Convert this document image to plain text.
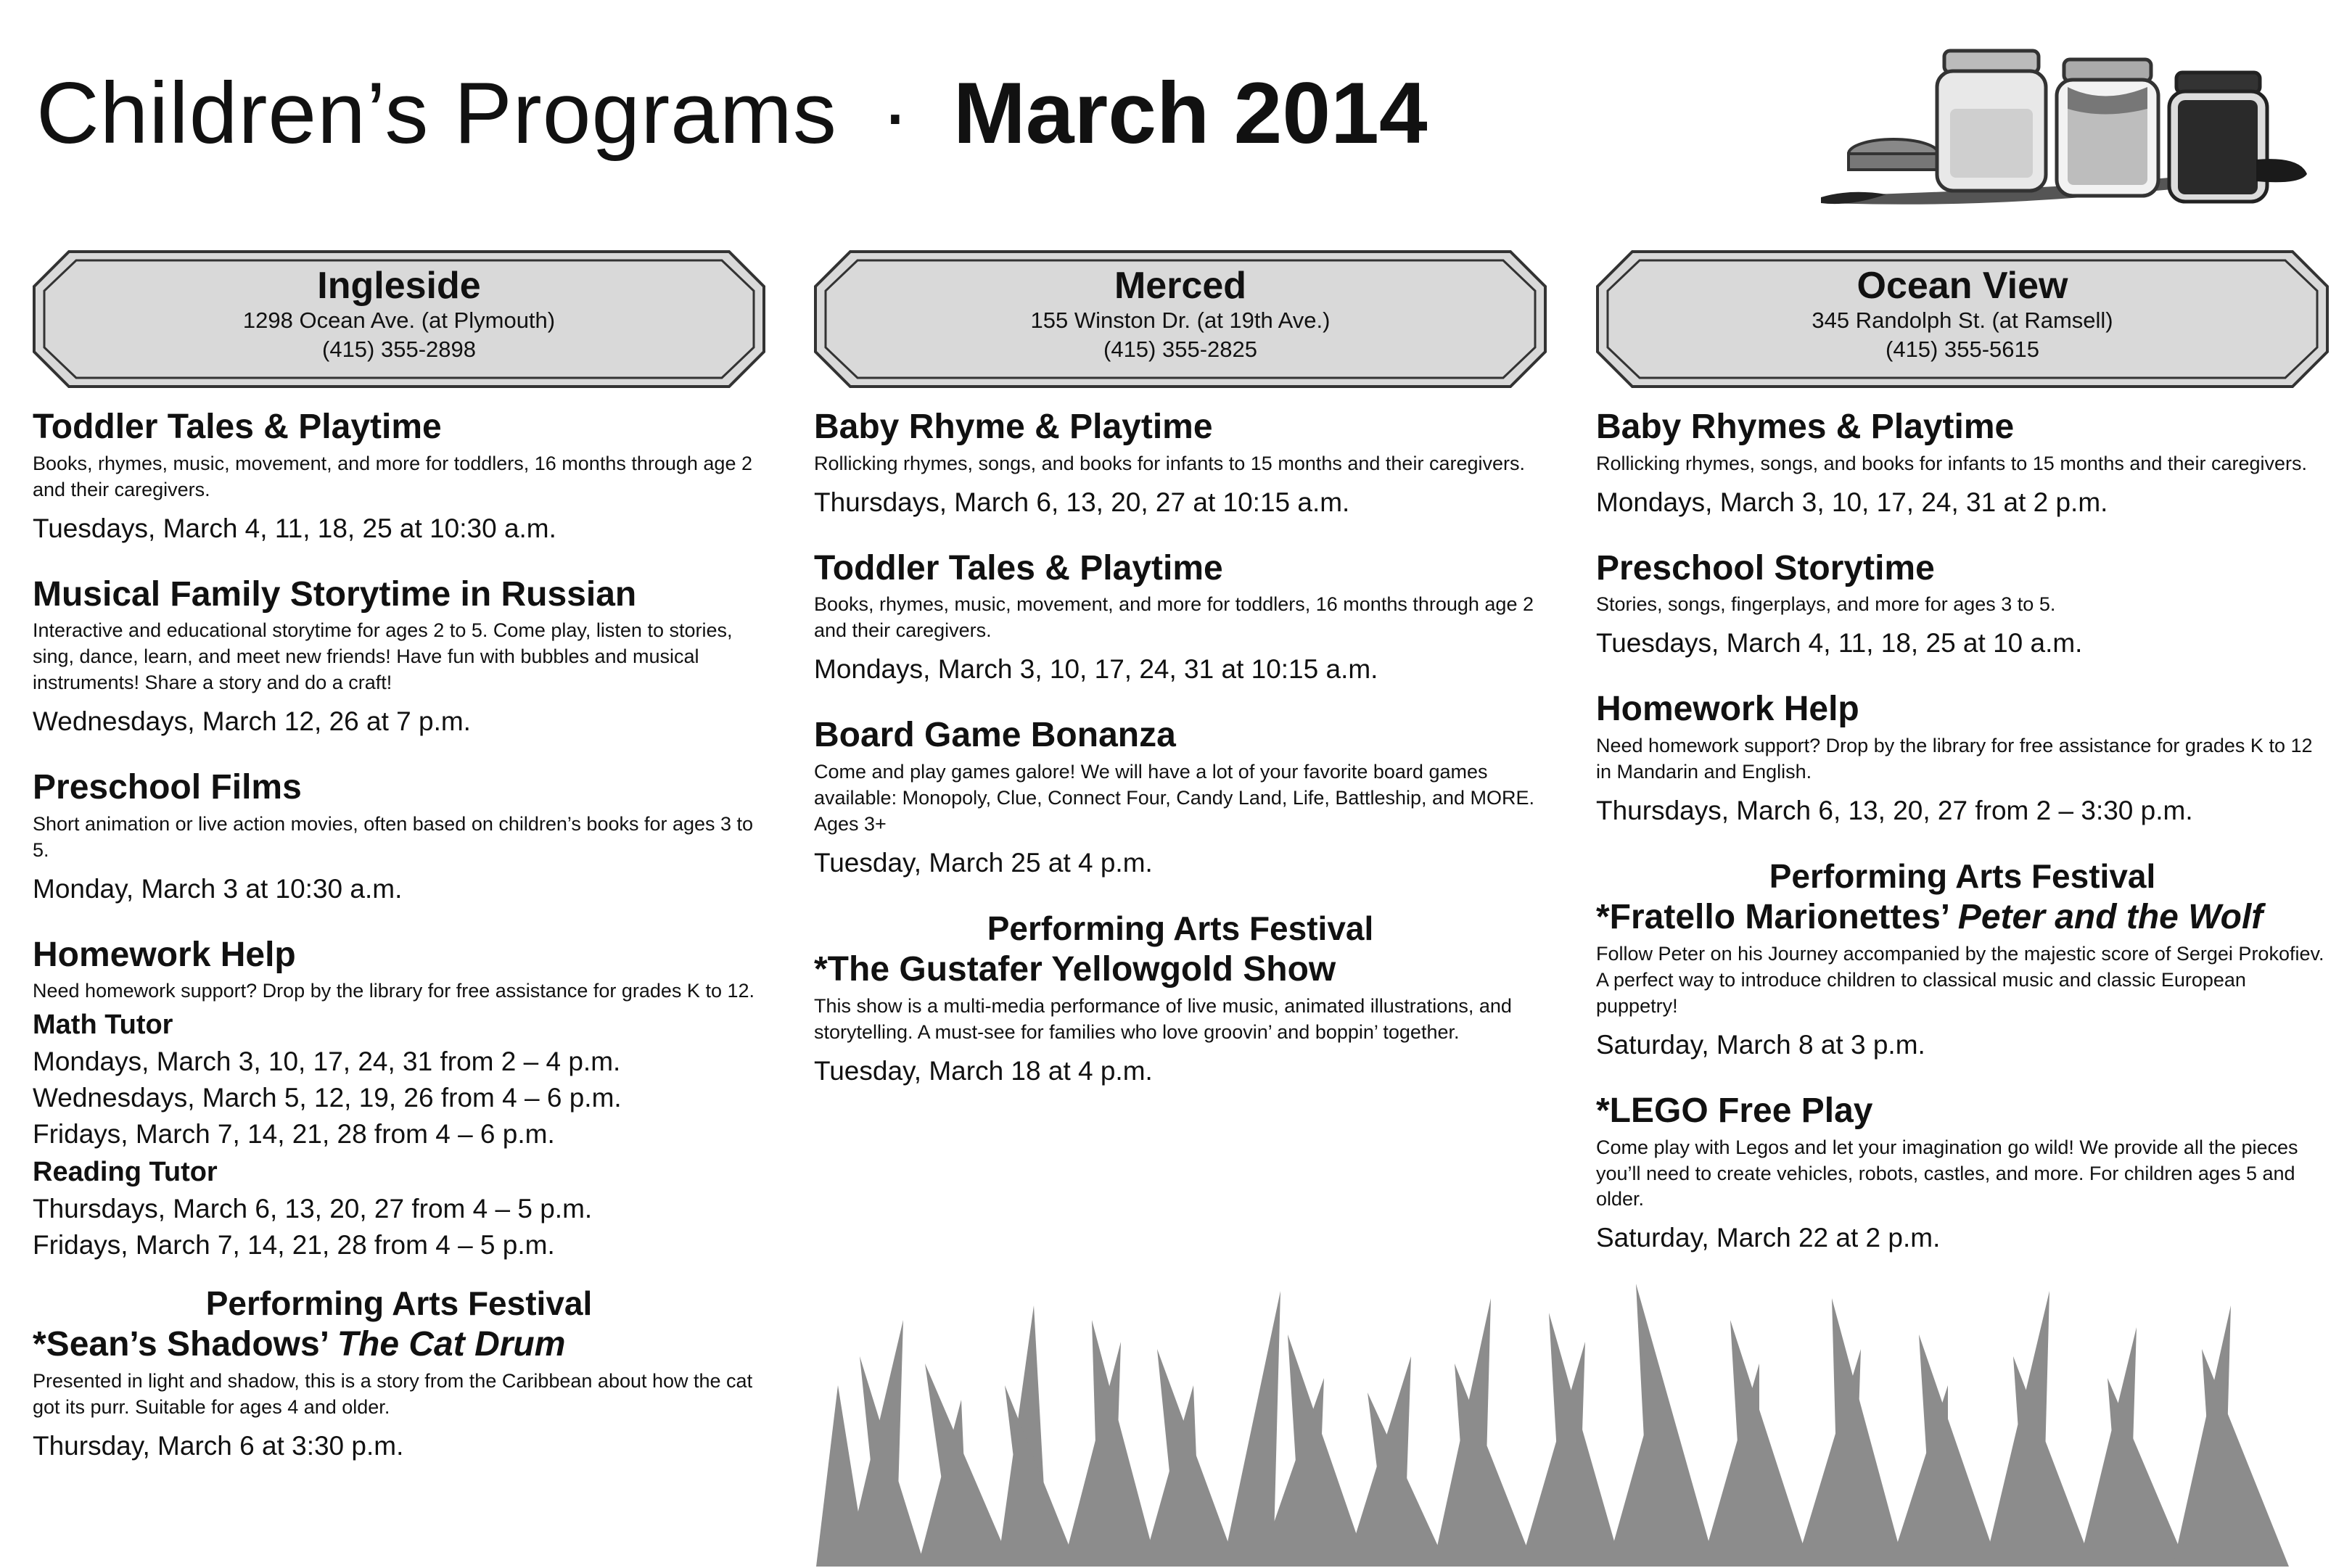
Children’s Programs · March 2014
Ingleside
1298 Ocean Ave. (at Plymouth)
(415) 355-2898
Toddler Tales & Playtime
Books, rhymes, music, movement, and more for toddlers, 16 months through age 2 and their caregivers.
Tuesdays, March 4, 11, 18, 25 at 10:30 a.m.
Musical Family Storytime in Russian
Interactive and educational storytime for ages 2 to 5. Come play, listen to stories, sing, dance, learn, and meet new friends! Have fun with bubbles and musical instruments! Share a story and do a craft!
Wednesdays, March 12, 26 at 7 p.m.
Preschool Films
Short animation or live action movies, often based on children’s books for ages 3 to 5.
Monday, March 3 at 10:30 a.m.
Homework Help
Need homework support? Drop by the library for free assistance for grades K to 12.
Math Tutor
Mondays, March 3, 10, 17, 24, 31 from 2 – 4 p.m.
Wednesdays, March 5, 12, 19, 26 from 4 – 6 p.m.
Fridays, March 7, 14, 21, 28 from 4 – 6 p.m.
Reading Tutor
Thursdays, March 6, 13, 20, 27 from 4 – 5 p.m.
Fridays, March 7, 14, 21, 28 from 4 – 5 p.m.
Performing Arts Festival
*Sean’s Shadows’ The Cat Drum
Presented in light and shadow, this is a story from the Caribbean about how the cat got its purr. Suitable for ages 4 and older.
Thursday, March 6 at 3:30 p.m.
Merced
155 Winston Dr. (at 19th Ave.)
(415) 355-2825
Baby Rhyme & Playtime
Rollicking rhymes, songs, and books for infants to 15 months and their caregivers.
Thursdays, March 6, 13, 20, 27 at 10:15 a.m.
Toddler Tales & Playtime
Books, rhymes, music, movement, and more for toddlers, 16 months through age 2 and their caregivers.
Mondays, March 3, 10, 17, 24, 31 at 10:15 a.m.
Board Game Bonanza
Come and play games galore! We will have a lot of your favorite board games available: Monopoly, Clue, Connect Four, Candy Land, Life, Battleship, and MORE. Ages 3+
Tuesday, March 25 at 4 p.m.
Performing Arts Festival
*The Gustafer Yellowgold Show
This show is a multi-media performance of live music, animated illustrations, and storytelling. A must-see for families who love groovin’ and boppin’ together.
Tuesday, March 18 at 4 p.m.
Ocean View
345 Randolph St. (at Ramsell)
(415) 355-5615
Baby Rhymes & Playtime
Rollicking rhymes, songs, and books for infants to 15 months and their caregivers.
Mondays, March 3, 10, 17, 24, 31 at 2 p.m.
Preschool Storytime
Stories, songs, fingerplays, and more for ages 3 to 5.
Tuesdays, March 4, 11, 18, 25 at 10 a.m.
Homework Help
Need homework support? Drop by the library for free assistance for grades K to 12 in Mandarin and English.
Thursdays, March 6, 13, 20, 27 from 2 – 3:30 p.m.
Performing Arts Festival
*Fratello Marionettes’ Peter and the Wolf
Follow Peter on his Journey accompanied by the majestic score of Sergei Prokofiev. A perfect way to introduce children to classical music and classic European puppetry!
Saturday, March 8 at 3 p.m.
*LEGO Free Play
Come play with Legos and let your imagination go wild! We provide all the pieces you’ll need to create vehicles, robots, castles, and more. For children ages 5 and older.
Saturday, March 22 at 2 p.m.
